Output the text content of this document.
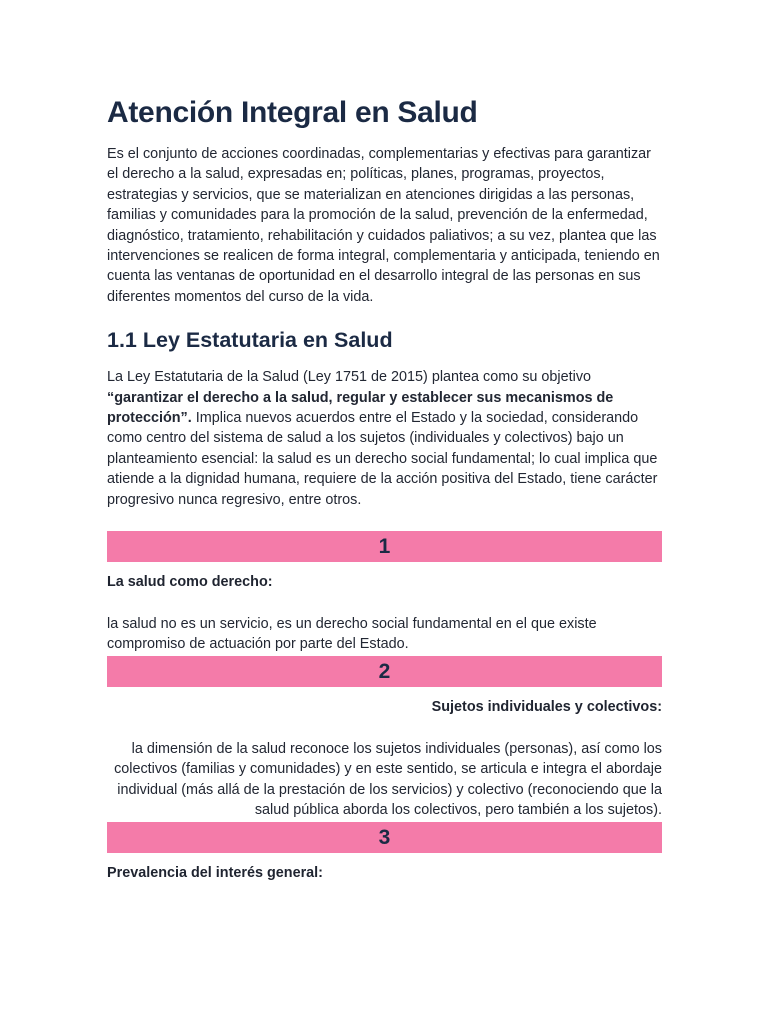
Atención Integral en Salud

Es el conjunto de acciones coordinadas, complementarias y efectivas para garantizar el derecho a la salud, expresadas en; políticas, planes, programas, proyectos, estrategias y servicios, que se materializan en atenciones dirigidas a las personas, familias y comunidades para la promoción de la salud, prevención de la enfermedad, diagnóstico, tratamiento, rehabilitación y cuidados paliativos; a su vez, plantea que las intervenciones se realicen de forma integral, complementaria y anticipada, teniendo en cuenta las ventanas de oportunidad en el desarrollo integral de las personas en sus diferentes momentos del curso de la vida.

1.1 Ley Estatutaria en Salud

La Ley Estatutaria de la Salud (Ley 1751 de 2015) plantea como su objetivo “garantizar el derecho a la salud, regular y establecer sus mecanismos de protección”. Implica nuevos acuerdos entre el Estado y la sociedad, considerando como centro del sistema de salud a los sujetos (individuales y colectivos) bajo un planteamiento esencial: la salud es un derecho social fundamental; lo cual implica que atiende a la dignidad humana, requiere de la acción positiva del Estado, tiene carácter progresivo nunca regresivo, entre otros.

1

La salud como derecho:

la salud no es un servicio, es un derecho social fundamental en el que existe compromiso de actuación por parte del Estado.

2

Sujetos individuales y colectivos:

la dimensión de la salud reconoce los sujetos individuales (personas), así como los colectivos (familias y comunidades) y en este sentido, se articula e integra el abordaje individual (más allá de la prestación de los servicios) y colectivo (reconociendo que la salud pública aborda los colectivos, pero también a los sujetos).

3

Prevalencia del interés general:
